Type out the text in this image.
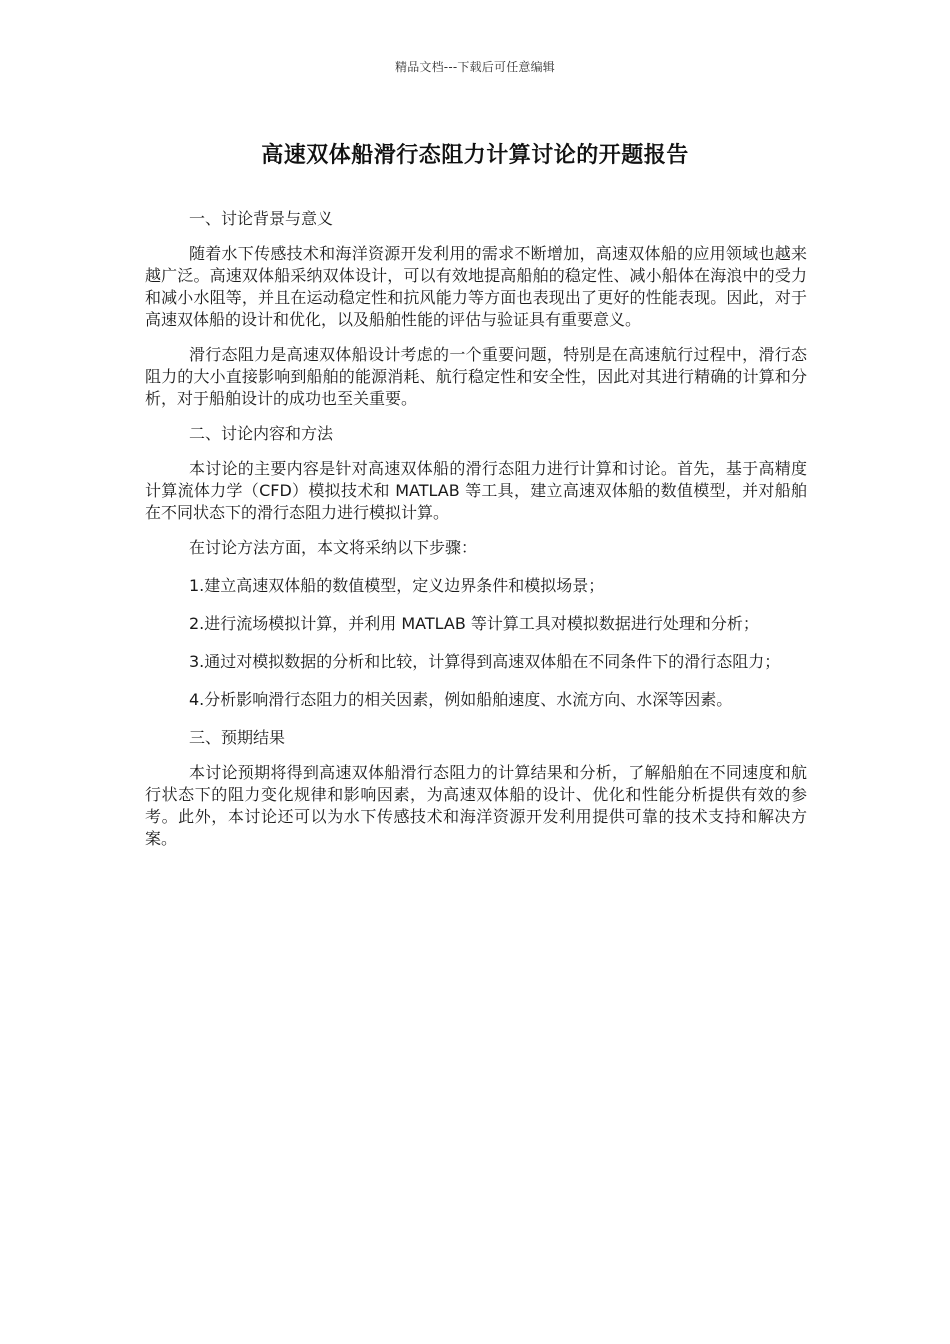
精品文档---下载后可任意编辑
高速双体船滑行态阻力计算讨论的开题报告

一、讨论背景与意义

随着水下传感技术和海洋资源开发利用的需求不断增加，高速双体船的应用领域也越来越广泛。高速双体船采纳双体设计，可以有效地提高船舶的稳定性、减小船体在海浪中的受力和减小水阻等，并且在运动稳定性和抗风能力等方面也表现出了更好的性能表现。因此，对于高速双体船的设计和优化，以及船舶性能的评估与验证具有重要意义。

滑行态阻力是高速双体船设计考虑的一个重要问题，特别是在高速航行过程中，滑行态阻力的大小直接影响到船舶的能源消耗、航行稳定性和安全性，因此对其进行精确的计算和分析，对于船舶设计的成功也至关重要。

二、讨论内容和方法

本讨论的主要内容是针对高速双体船的滑行态阻力进行计算和讨论。首先，基于高精度计算流体力学（CFD）模拟技术和 MATLAB 等工具，建立高速双体船的数值模型，并对船舶在不同状态下的滑行态阻力进行模拟计算。

在讨论方法方面，本文将采纳以下步骤：

1.建立高速双体船的数值模型，定义边界条件和模拟场景；

2.进行流场模拟计算，并利用 MATLAB 等计算工具对模拟数据进行处理和分析；

3.通过对模拟数据的分析和比较，计算得到高速双体船在不同条件下的滑行态阻力；

4.分析影响滑行态阻力的相关因素，例如船舶速度、水流方向、水深等因素。

三、预期结果

本讨论预期将得到高速双体船滑行态阻力的计算结果和分析，了解船舶在不同速度和航行状态下的阻力变化规律和影响因素，为高速双体船的设计、优化和性能分析提供有效的参考。此外，本讨论还可以为水下传感技术和海洋资源开发利用提供可靠的技术支持和解决方案。
